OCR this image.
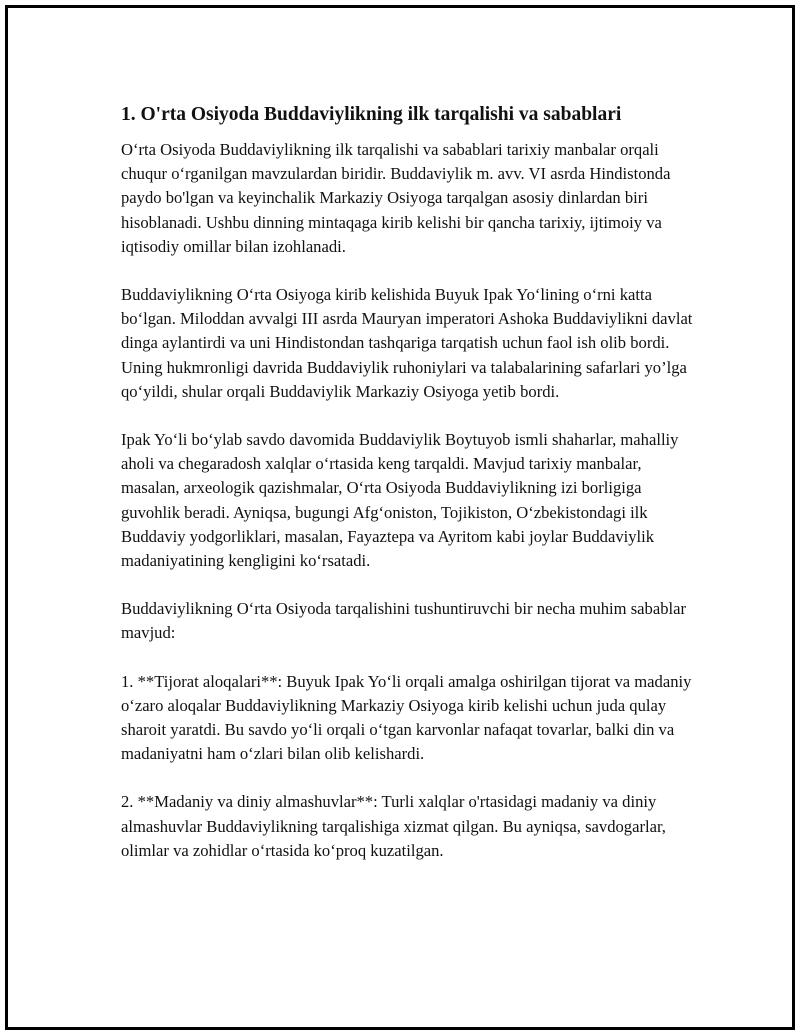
1. O'rta Osiyoda Buddaviylikning ilk tarqalishi va sabablari

O‘rta Osiyoda Buddaviylikning ilk tarqalishi va sabablari tarixiy manbalar orqali chuqur o‘rganilgan mavzulardan biridir. Buddaviylik m. avv. VI asrda Hindistonda paydo bo'lgan va keyinchalik Markaziy Osiyoga tarqalgan asosiy dinlardan biri hisoblanadi. Ushbu dinning mintaqaga kirib kelishi bir qancha tarixiy, ijtimoiy va iqtisodiy omillar bilan izohlanadi.

Buddaviylikning O‘rta Osiyoga kirib kelishida Buyuk Ipak Yo‘lining o‘rni katta bo‘lgan. Miloddan avvalgi III asrda Mauryan imperatori Ashoka Buddaviylikni davlat dinga aylantirdi va uni Hindistondan tashqariga tarqatish uchun faol ish olib bordi. Uning hukmronligi davrida Buddaviylik ruhoniylari va talabalarining safarlari yo’lga qo‘yildi, shular orqali Buddaviylik Markaziy Osiyoga yetib bordi.

Ipak Yo‘li bo‘ylab savdo davomida Buddaviylik Boytuyob ismli shaharlar, mahalliy aholi va chegaradosh xalqlar o‘rtasida keng tarqaldi. Mavjud tarixiy manbalar, masalan, arxeologik qazishmalar, O‘rta Osiyoda Buddaviylikning izi borligiga guvohlik beradi. Ayniqsa, bugungi Afg‘oniston, Tojikiston, O‘zbekistondagi ilk Buddaviy yodgorliklari, masalan, Fayaztepa va Ayritom kabi joylar Buddaviylik madaniyatining kengligini ko‘rsatadi.

Buddaviylikning O‘rta Osiyoda tarqalishini tushuntiruvchi bir necha muhim sabablar mavjud:

1. **Tijorat aloqalari**: Buyuk Ipak Yo‘li orqali amalga oshirilgan tijorat va madaniy o‘zaro aloqalar Buddaviylikning Markaziy Osiyoga kirib kelishi uchun juda qulay sharoit yaratdi. Bu savdo yo‘li orqali o‘tgan karvonlar nafaqat tovarlar, balki din va madaniyatni ham o‘zlari bilan olib kelishardi.

2. **Madaniy va diniy almashuvlar**: Turli xalqlar o'rtasidagi madaniy va diniy almashuvlar Buddaviylikning tarqalishiga xizmat qilgan. Bu ayniqsa, savdogarlar, olimlar va zohidlar o‘rtasida ko‘proq kuzatilgan.
